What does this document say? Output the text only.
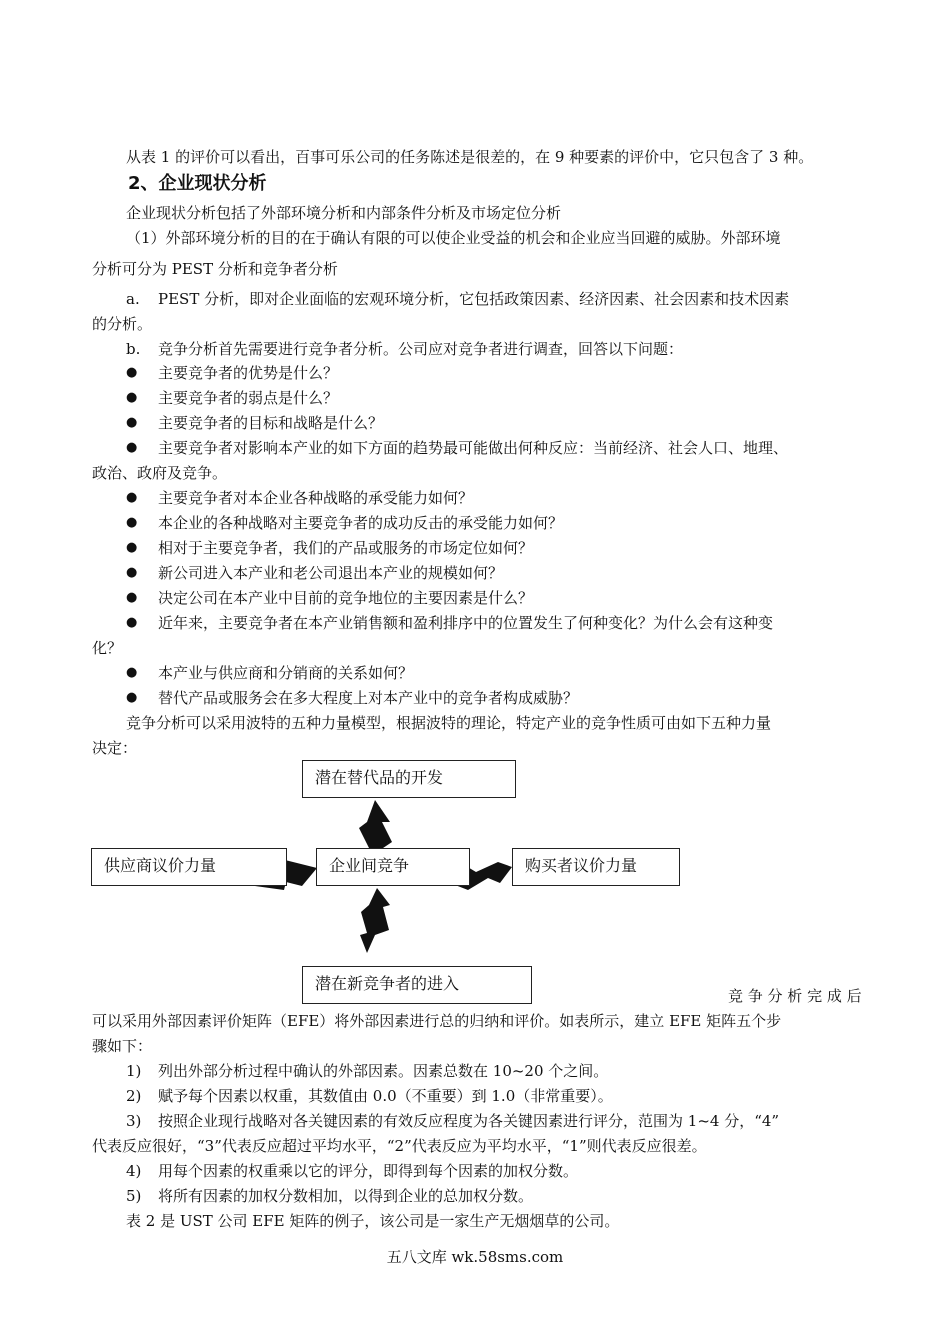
从表 1 的评价可以看出，百事可乐公司的任务陈述是很差的，在 9 种要素的评价中，它只包含了 3 种。
2、企业现状分析
企业现状分析包括了外部环境分析和内部条件分析及市场定位分析
（1）外部环境分析的目的在于确认有限的可以使企业受益的机会和企业应当回避的威胁。外部环境
分析可分为 PEST 分析和竞争者分析
a. PEST 分析，即对企业面临的宏观环境分析，它包括政策因素、经济因素、社会因素和技术因素
的分析。
b. 竞争分析首先需要进行竞争者分析。公司应对竞争者进行调查，回答以下问题：
● 主要竞争者的优势是什么？
● 主要竞争者的弱点是什么？
● 主要竞争者的目标和战略是什么？
● 主要竞争者对影响本产业的如下方面的趋势最可能做出何种反应：当前经济、社会人口、地理、
政治、政府及竞争。
● 主要竞争者对本企业各种战略的承受能力如何？
● 本企业的各种战略对主要竞争者的成功反击的承受能力如何？
● 相对于主要竞争者，我们的产品或服务的市场定位如何？
● 新公司进入本产业和老公司退出本产业的规模如何？
● 决定公司在本产业中目前的竞争地位的主要因素是什么？
● 近年来，主要竞争者在本产业销售额和盈利排序中的位置发生了何种变化？为什么会有这种变
化？
● 本产业与供应商和分销商的关系如何？
● 替代产品或服务会在多大程度上对本产业中的竞争者构成威胁？
竞争分析可以采用波特的五种力量模型，根据波特的理论，特定产业的竞争性质可由如下五种力量
决定：
潜在替代品的开发
供应商议价力量	企业间竞争	购买者议价力量
潜在新竞争者的进入
竞 争 分 析 完 成 后
可以采用外部因素评价矩阵（EFE）将外部因素进行总的归纳和评价。如表所示，建立 EFE 矩阵五个步
骤如下：
1) 列出外部分析过程中确认的外部因素。因素总数在 10~20 个之间。
2) 赋予每个因素以权重，其数值由 0.0（不重要）到 1.0（非常重要）。
3) 按照企业现行战略对各关键因素的有效反应程度为各关键因素进行评分，范围为 1~4 分，“4”
代表反应很好，“3”代表反应超过平均水平，“2”代表反应为平均水平，“1”则代表反应很差。
4) 用每个因素的权重乘以它的评分，即得到每个因素的加权分数。
5) 将所有因素的加权分数相加，以得到企业的总加权分数。
表 2 是 UST 公司 EFE 矩阵的例子，该公司是一家生产无烟烟草的公司。
五八文库 wk.58sms.com
